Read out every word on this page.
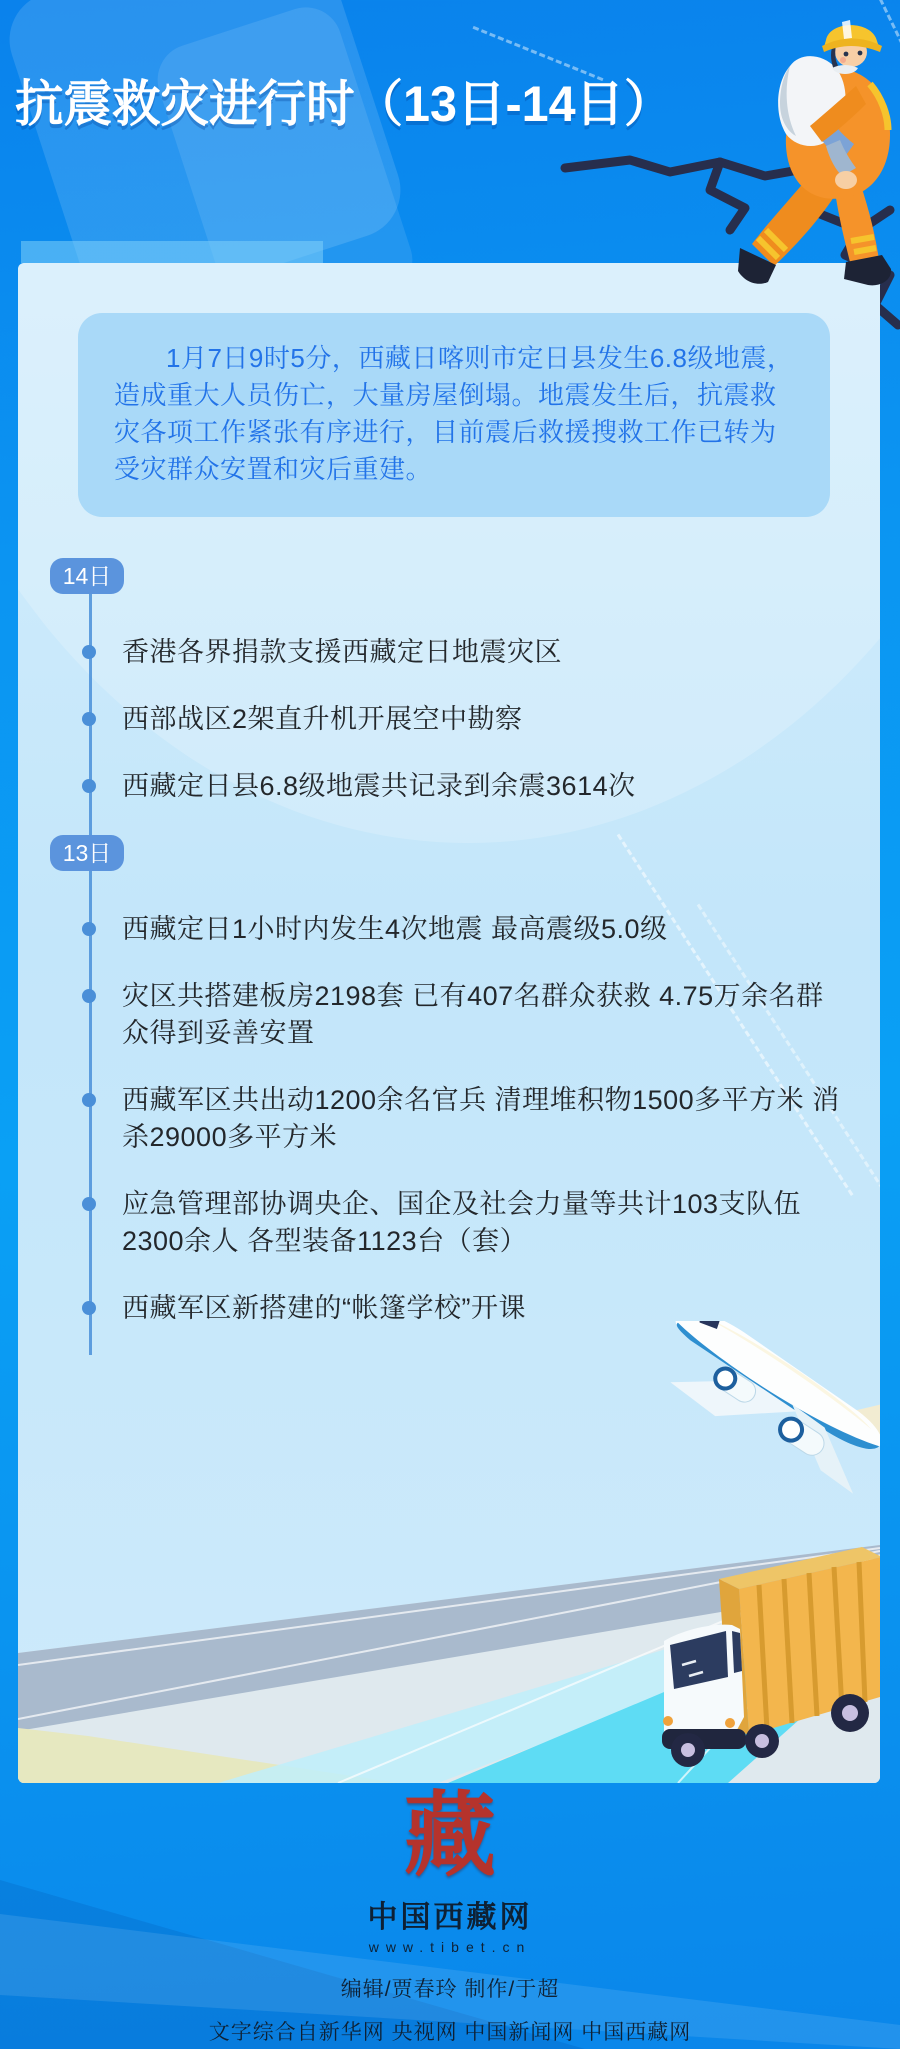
抗震救灾进行时（13日-14日）

1月7日9时5分，西藏日喀则市定日县发生6.8级地震，造成重大人员伤亡，大量房屋倒塌。地震发生后，抗震救灾各项工作紧张有序进行，目前震后救援搜救工作已转为受灾群众安置和灾后重建。

14日
香港各界捐款支援西藏定日地震灾区
西部战区2架直升机开展空中勘察
西藏定日县6.8级地震共记录到余震3614次
13日
西藏定日1小时内发生4次地震 最高震级5.0级
灾区共搭建板房2198套 已有407名群众获救 4.75万余名群众得到妥善安置
西藏军区共出动1200余名官兵 清理堆积物1500多平方米 消杀29000多平方米
应急管理部协调央企、国企及社会力量等共计103支队伍2300余人 各型装备1123台（套）
西藏军区新搭建的“帐篷学校”开课
藏
中国西藏网
www.tibet.cn
编辑/贾春玲 制作/于超
文字综合自新华网 央视网 中国新闻网 中国西藏网
